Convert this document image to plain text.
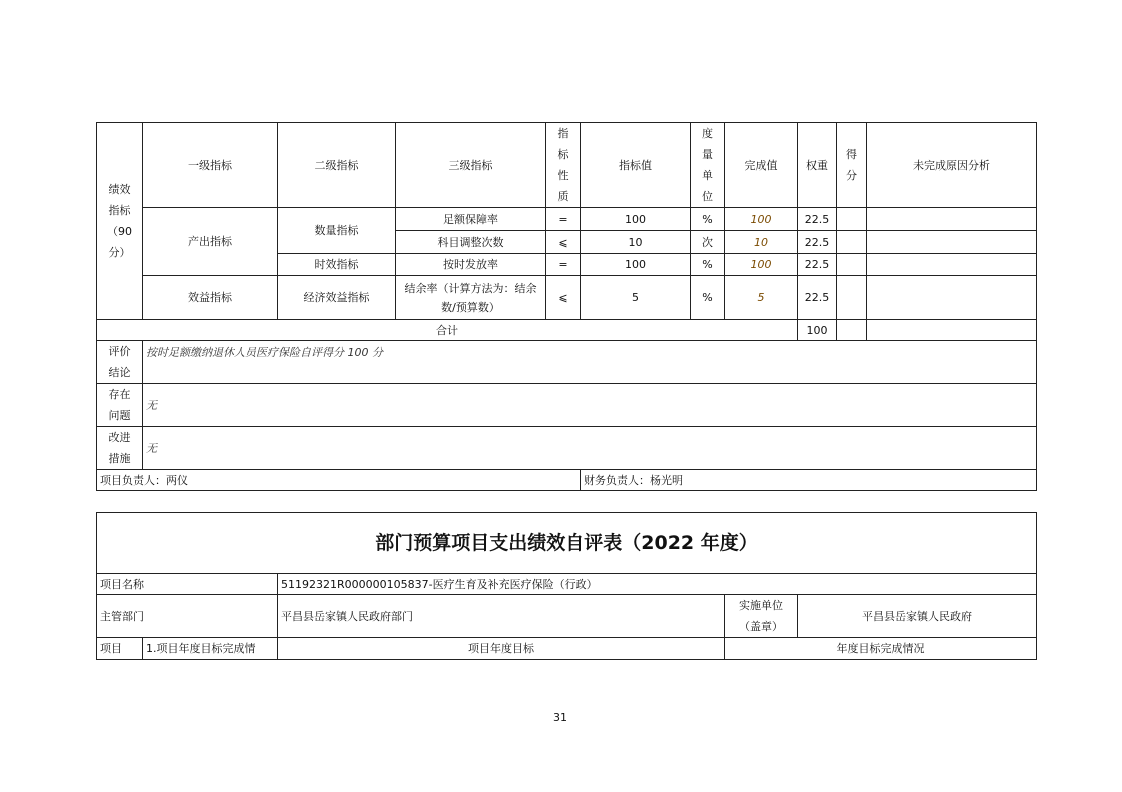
绩效
指标
（90
分）	一级指标	二级指标	三级指标	指
标
性
质	指标值	度
量
单
位	完成值	权重	得
分	未完成原因分析
	产出指标	数量指标	足额保障率	=	100	%	100	22.5		
			科目调整次数	⩽	10	次	10	22.5		
		时效指标	按时发放率	=	100	%	100	22.5		
	效益指标	经济效益指标	结余率（计算方法为：结余数/预算数）	⩽	5	%	5	22.5		
合计								100		
评价
结论	按时足额缴纳退休人员医疗保险自评得分 100 分									
存在
问题	无									
改进
措施	无									
项目负责人：两仪					财务负责人：杨光明					
部门预算项目支出绩效自评表（2022 年度）				
项目名称		51192321R000000105837-医疗生育及补充医疗保险（行政）		
主管部门		平昌县岳家镇人民政府部门	实施单位
（盖章）	平昌县岳家镇人民政府
项目	1.项目年度目标完成情	项目年度目标	年度目标完成情况	
31
